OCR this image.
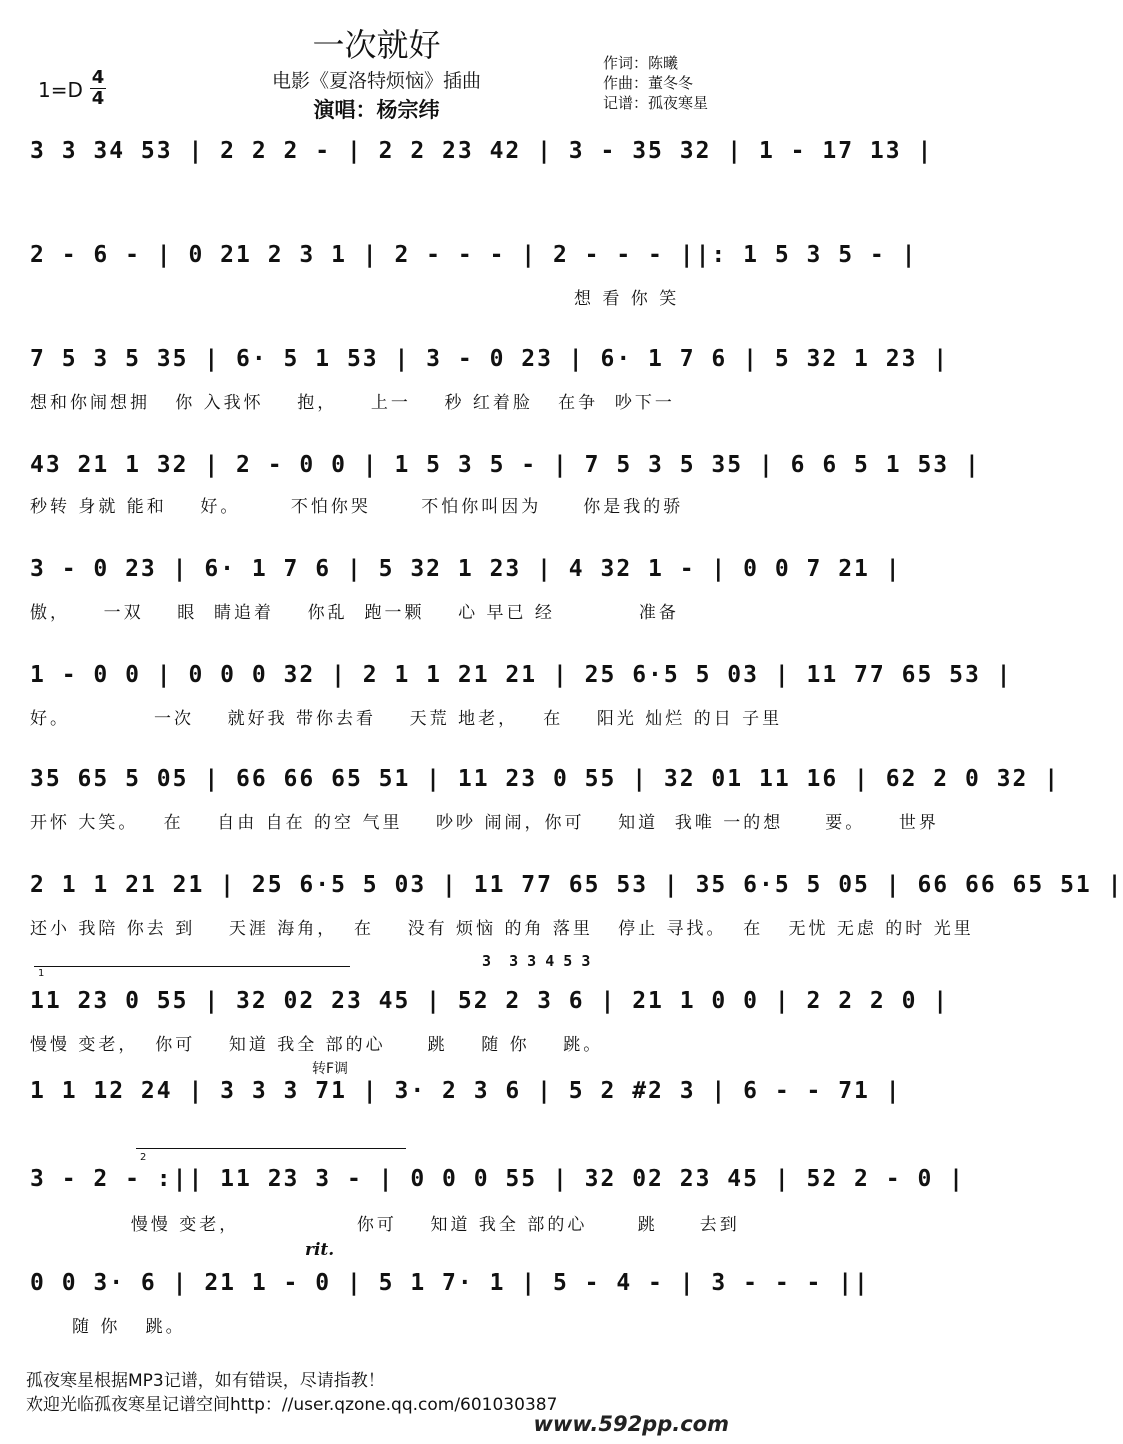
一次就好
电影《夏洛特烦恼》插曲
演唱：杨宗纬
作词：陈曦
作曲：董冬冬
记谱：孤夜寒星
1=D
4
4
3 3 34 53 | 2 2 2 - | 2 2 23 42 | 3 - 35 32 | 1 - 17 13 |
2 - 6 - | 0 21 2 3 1 | 2 - - - | 2 - - - ||: 1 5 3 5 - |
想 看 你 笑
7 5 3 5 35 | 6· 5 1 53 | 3 - 0 23 | 6· 1 7 6 | 5 32 1 23 |
想和你闹想拥   你 入我怀    抱，    上一    秒 红着脸   在争  吵下一
43 21 1 32 | 2 - 0 0 | 1 5 3 5 - | 7 5 3 5 35 | 6 6 5 1 53 |
秒转 身就 能和    好。      不怕你哭      不怕你叫因为     你是我的骄
3 - 0 23 | 6· 1 7 6 | 5 32 1 23 | 4 32 1 - | 0 0 7 21 |
傲，    一双    眼  睛追着    你乱  跑一颗    心 早已 经          准备
1 - 0 0 | 0 0 0 32 | 2 1 1 21 21 | 25 6·5 5 03 | 11 77 65 53 |
好。          一次    就好我 带你去看    天荒 地老，   在    阳光 灿烂 的日 子里
35 65 5 05 | 66 66 65 51 | 11 23 0 55 | 32 01 11 16 | 62 2 0 32 |
开怀 大笑。   在    自由 自在 的空 气里    吵吵 闹闹，你可    知道  我唯 一的想     要。    世界
2 1 1 21 21 | 25 6·5 5 03 | 11 77 65 53 | 35 6·5 5 05 | 66 66 65 51 |
还小 我陪 你去 到    天涯 海角，  在    没有 烦恼 的角 落里   停止 寻找。  在   无忧 无虑 的时 光里
1
3  3 3 4 5 3
11 23 0 55 | 32 02 23 45 | 52 2 3 6 | 21 1 0 0 | 2 2 2 0 |
慢慢 变老，  你可    知道 我全 部的心     跳    随 你    跳。
转F调
1 1 12 24 | 3 3 3 71 | 3· 2 3 6 | 5 2 #2 3 | 6 - - 71 |
2
3 - 2 - :|| 11 23 3 - | 0 0 0 55 | 32 02 23 45 | 52 2 - 0 |
慢慢 变老，              你可    知道 我全 部的心      跳     去到
rit.
0 0 3· 6 | 21 1 - 0 | 5 1 7· 1 | 5 - 4 - | 3 - - - ||
随 你   跳。
孤夜寒星根据MP3记谱，如有错误，尽请指教！
欢迎光临孤夜寒星记谱空间http：//user.qzone.qq.com/601030387
www.592pp.com
